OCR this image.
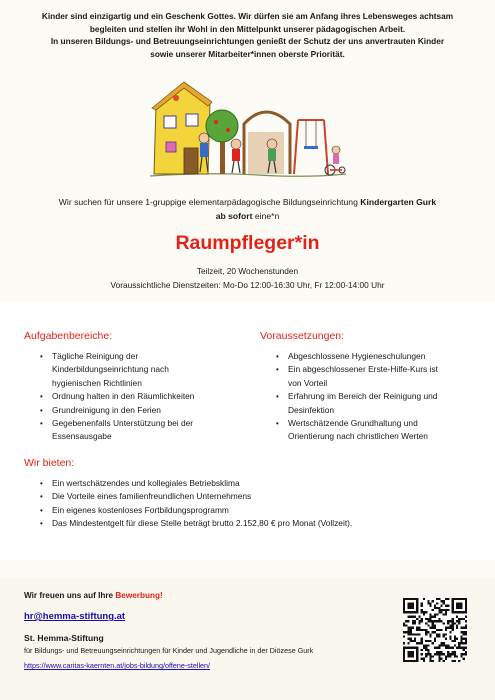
Kinder sind einzigartig und ein Geschenk Gottes. Wir dürfen sie am Anfang ihres Lebensweges achtsam

begleiten und stellen ihr Wohl in den Mittelpunkt unserer pädagogischen Arbeit.

In unseren Bildungs- und Betreuungseinrichtungen genießt der Schutz der uns anvertrauten Kinder

sowie unserer Mitarbeiter*innen oberste Priorität.

Wir suchen für unsere 1-gruppige elementarpädagogische Bildungseinrichtung Kindergarten Gurk
ab sofort eine*n
Raumpfleger*in
Teilzeit, 20 Wochenstunden
Voraussichtliche Dienstzeiten: Mo-Do 12:00-16:30 Uhr, Fr 12:00-14:00 Uhr
Aufgabenbereiche:
• Tägliche Reinigung der
Kinderbildungseinrichtung nach
hygienischen Richtlinien
• Ordnung halten in den Räumlichkeiten
• Grundreinigung in den Ferien
• Gegebenenfalls Unterstützung bei der
Essensausgabe
Voraussetzungen:
• Abgeschlossene Hygieneschulungen
• Ein abgeschlossener Erste-Hilfe-Kurs ist
von Vorteil
• Erfahrung im Bereich der Reinigung und
Desinfektion
• Wertschätzende Grundhaltung und
Orientierung nach christlichen Werten
Wir bieten:
• Ein wertschätzendes und kollegiales Betriebsklima
• Die Vorteile eines familienfreundlichen Unternehmens
• Ein eigenes kostenloses Fortbildungsprogramm
• Das Mindestentgelt für diese Stelle beträgt brutto 2.152,80 € pro Monat (Vollzeit).
Wir freuen uns auf Ihre Bewerbung!
hr@hemma-stiftung.at
St. Hemma-Stiftung
für Bildungs- und Betreuungseinrichtungen für Kinder und Jugendliche in der Diözese Gurk
https://www.caritas-kaernten.at/jobs-bildung/offene-stellen/
